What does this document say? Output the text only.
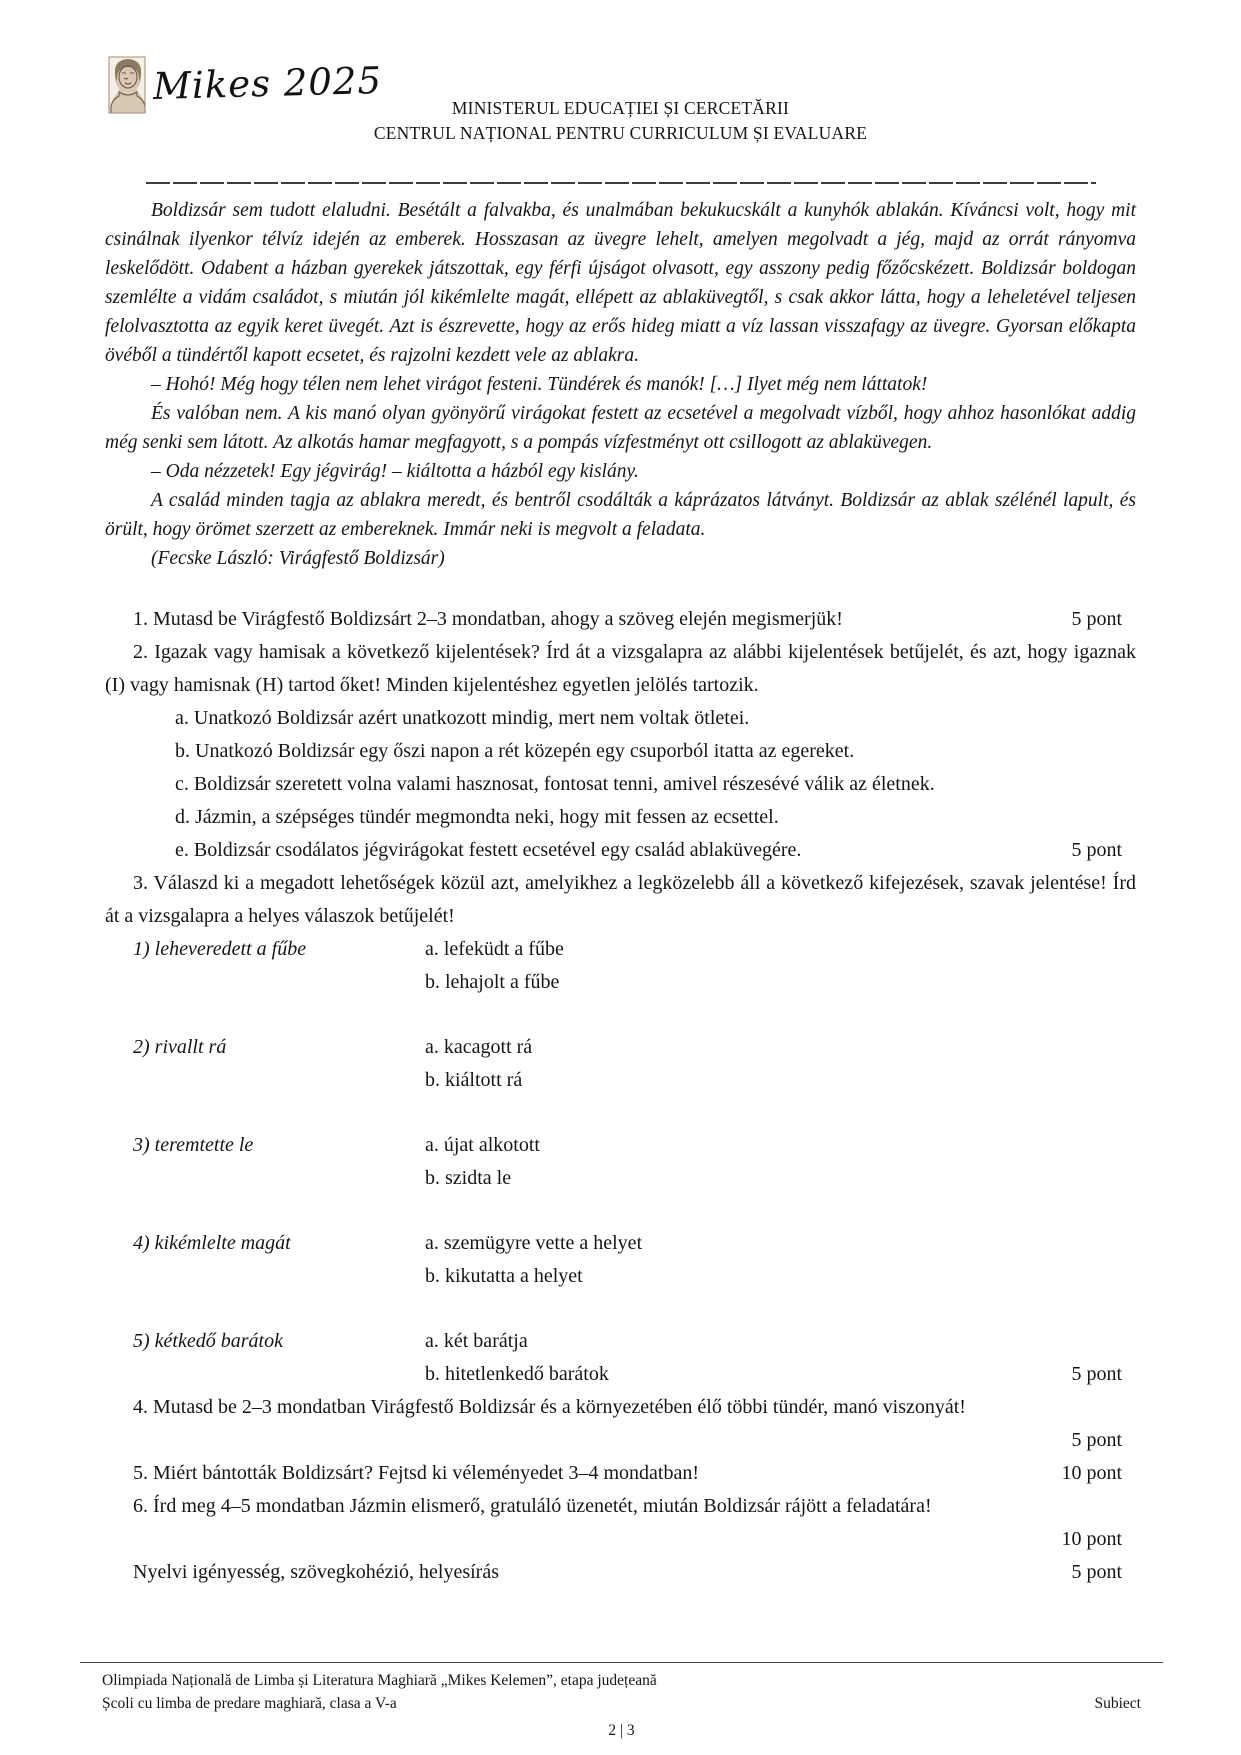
Mikes 2025
MINISTERUL EDUCAȚIEI ȘI CERCETĂRII
CENTRUL NAȚIONAL PENTRU CURRICULUM ȘI EVALUARE

Boldizsár sem tudott elaludni. Besétált a falvakba, és unalmában bekukucskált a kunyhók ablakán. Kíváncsi volt, hogy mit csinálnak ilyenkor télvíz idején az emberek. Hosszasan az üvegre lehelt, amelyen megolvadt a jég, majd az orrát rányomva leskelődött. Odabent a házban gyerekek játszottak, egy férfi újságot olvasott, egy asszony pedig főzőcskézett. Boldizsár boldogan szemlélte a vidám családot, s miután jól kikémlelte magát, ellépett az ablaküvegtől, s csak akkor látta, hogy a leheletével teljesen felolvasztotta az egyik keret üvegét. Azt is észrevette, hogy az erős hideg miatt a víz lassan visszafagy az üvegre. Gyorsan előkapta övéből a tündértől kapott ecsetet, és rajzolni kezdett vele az ablakra.

– Hohó! Még hogy télen nem lehet virágot festeni. Tündérek és manók! […] Ilyet még nem láttatok!

És valóban nem. A kis manó olyan gyönyörű virágokat festett az ecsetével a megolvadt vízből, hogy ahhoz hasonlókat addig még senki sem látott. Az alkotás hamar megfagyott, s a pompás vízfestményt ott csillogott az ablaküvegen.

– Oda nézzetek! Egy jégvirág! – kiáltotta a házból egy kislány.

A család minden tagja az ablakra meredt, és bentről csodálták a káprázatos látványt. Boldizsár az ablak szélénél lapult, és örült, hogy örömet szerzett az embereknek. Immár neki is megvolt a feladata.

(Fecske László: Virágfestő Boldizsár)

1. Mutasd be Virágfestő Boldizsárt 2–3 mondatban, ahogy a szöveg elején megismerjük!	5 pont

2. Igazak vagy hamisak a következő kijelentések? Írd át a vizsgalapra az alábbi kijelentések betűjelét, és azt, hogy igaznak (I) vagy hamisnak (H) tartod őket! Minden kijelentéshez egyetlen jelölés tartozik.

a. Unatkozó Boldizsár azért unatkozott mindig, mert nem voltak ötletei.

b. Unatkozó Boldizsár egy őszi napon a rét közepén egy csuporból itatta az egereket.

c. Boldizsár szeretett volna valami hasznosat, fontosat tenni, amivel részesévé válik az életnek.

d. Jázmin, a szépséges tündér megmondta neki, hogy mit fessen az ecsettel.

e. Boldizsár csodálatos jégvirágokat festett ecsetével egy család ablaküvegére.	5 pont

3. Válaszd ki a megadott lehetőségek közül azt, amelyikhez a legközelebb áll a következő kifejezések, szavak jelentése! Írd át a vizsgalapra a helyes válaszok betűjelét!

1) leheveredett a fűbe	a. lefeküdt a fűbe
b. lehajolt a fűbe
2) rivallt rá	a. kacagott rá
b. kiáltott rá
3) teremtette le	a. újat alkotott
b. szidta le
4) kikémlelte magát	a. szemügyre vette a helyet
b. kikutatta a helyet
5) kétkedő barátok	a. két barátja
b. hitetlenkedő barátok	5 pont

4. Mutasd be 2–3 mondatban Virágfestő Boldizsár és a környezetében élő többi tündér, manó viszonyát!

5 pont

5. Miért bántották Boldizsárt? Fejtsd ki véleményedet 3–4 mondatban!	10 pont

6. Írd meg 4–5 mondatban Jázmin elismerő, gratuláló üzenetét, miután Boldizsár rájött a feladatára!

10 pont

Nyelvi igényesség, szövegkohézió, helyesírás	5 pont
Olimpiada Națională de Limba și Literatura Maghiară „Mikes Kelemen”, etapa județeană
Școli cu limba de predare maghiară, clasa a V-a	Subiect
2 | 3
